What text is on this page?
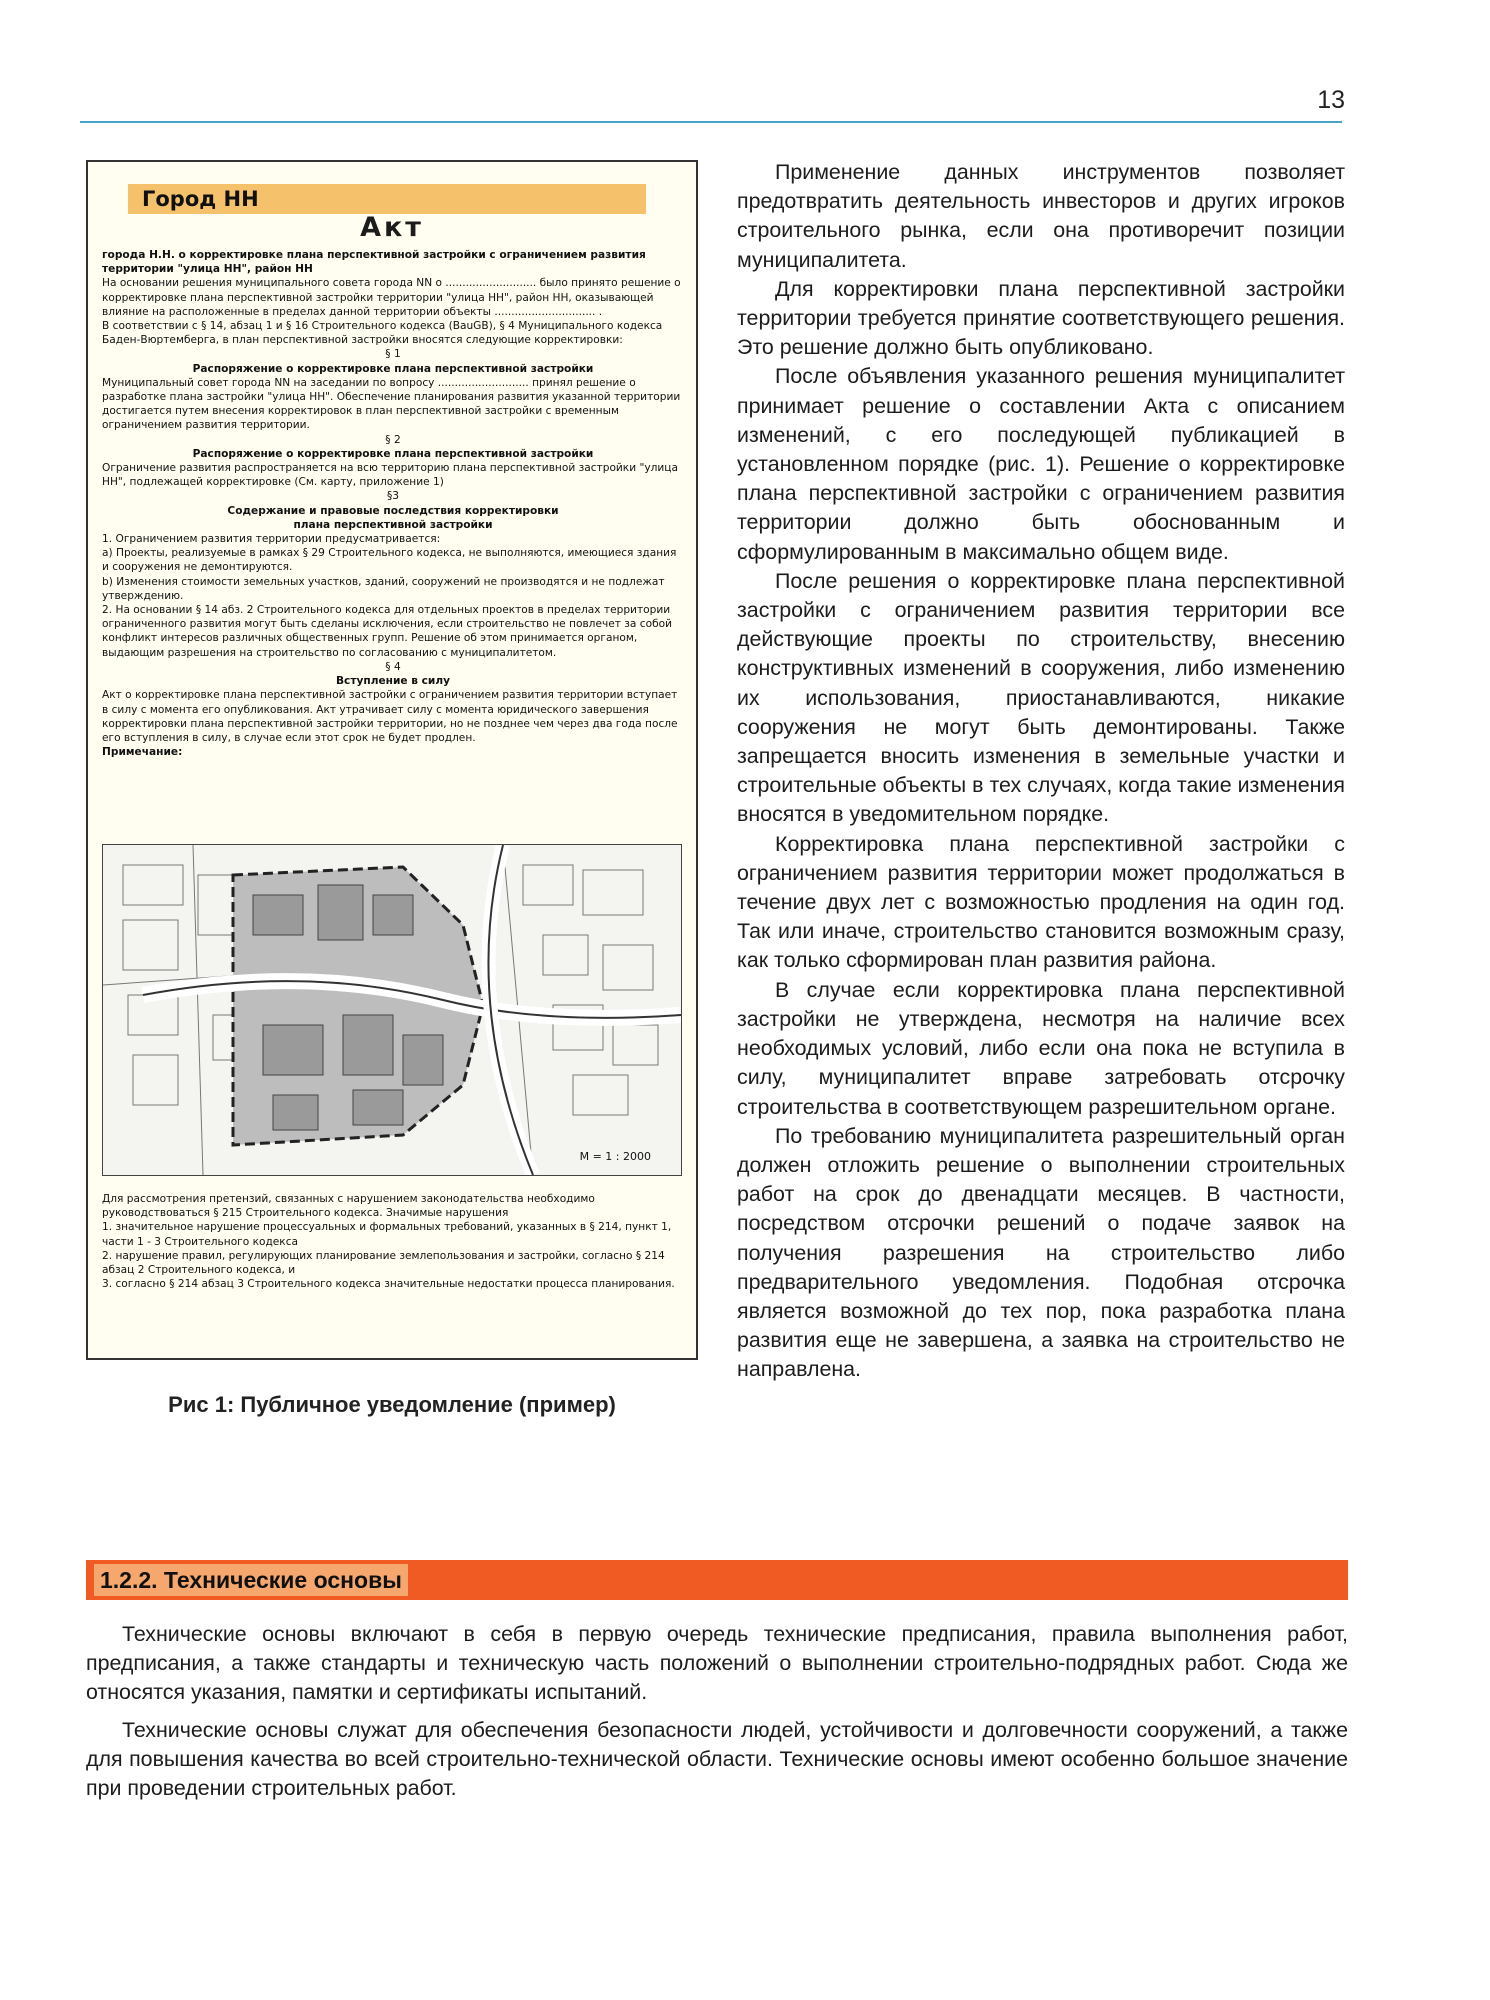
13
Город НН
Акт

города Н.Н. о корректировке плана перспективной застройки с ограничением развития территории "улица НН", район НН

На основании решения муниципального совета города NN о ........................... было принято решение о корректировке плана перспективной застройки территории "улица НН", район НН, оказывающей влияние на расположенные в пределах данной территории объекты .............................. .

В соответствии с § 14, абзац 1 и § 16 Строительного кодекса (BauGB), § 4 Муниципального кодекса Баден-Вюртемберга, в план перспективной застройки вносятся следующие корректировки:

§ 1

Распоряжение о корректировке плана перспективной застройки

Муниципальный совет города NN на заседании по вопросу ........................... принял решение о разработке плана застройки "улица НН". Обеспечение планирования развития указанной территории достигается путем внесения корректировок в план перспективной застройки с временным ограничением развития территории.

§ 2

Распоряжение о корректировке плана перспективной застройки

Ограничение развития распространяется на всю территорию плана перспективной застройки "улица НН", подлежащей корректировке (См. карту, приложение 1)

§3

Содержание и правовые последствия корректировки

плана перспективной застройки

1. Ограничением развития территории предусматривается:

а) Проекты, реализуемые в рамках § 29 Строительного кодекса, не выполняются, имеющиеся здания и сооружения не демонтируются.

b) Изменения стоимости земельных участков, зданий, сооружений не производятся и не подлежат утверждению.

2. На основании § 14 абз. 2 Строительного кодекса для отдельных проектов в пределах территории ограниченного развития могут быть сделаны исключения, если строительство не повлечет за собой конфликт интересов различных общественных групп. Решение об этом принимается органом, выдающим разрешения на строительство по согласованию с муниципалитетом.

§ 4

Вступление в силу

Акт о корректировке плана перспективной застройки с ограничением развития территории вступает в силу с момента его опубликования. Акт утрачивает силу с момента юридического завершения корректировки плана перспективной застройки территории, но не позднее чем через два года после его вступления в силу, в случае если этот срок не будет продлен.

Примечание:

M = 1 : 2000

Для рассмотрения претензий, связанных с нарушением законодательства необходимо руководствоваться § 215 Строительного кодекса. Значимые нарушения

1. значительное нарушение процессуальных и формальных требований, указанных в § 214, пункт 1, части 1 - 3 Строительного кодекса

2. нарушение правил, регулирующих планирование землепользования и застройки, согласно § 214 абзац 2 Строительного кодекса, и

3. согласно § 214 абзац 3 Строительного кодекса значительные недостатки процесса планирования.

Рис 1: Публичное уведомление (пример)

Применение данных инструментов позволяет предотвратить деятельность инвесторов и других игроков строительного рынка, если она противоречит позиции муниципалитета.

Для корректировки плана перспективной застройки территории требуется принятие соответствующего решения. Это решение должно быть опубликовано.

После объявления указанного решения муниципалитет принимает решение о составлении Акта с описанием изменений, с его последующей публикацией в установленном порядке (рис. 1). Решение о корректировке плана перспективной застройки с ограничением развития территории должно быть обоснованным и сформулированным в максимально общем виде.

После решения о корректировке плана перспективной застройки с ограничением развития территории все действующие проекты по строительству, внесению конструктивных изменений в сооружения, либо изменению их использования, приостанавливаются, никакие сооружения не могут быть демонтированы. Также запрещается вносить изменения в земельные участки и строительные объекты в тех случаях, когда такие изменения вносятся в уведомительном порядке.

Корректировка плана перспективной застройки с ограничением развития территории может продолжаться в течение двух лет с возможностью продления на один год. Так или иначе, строительство становится возможным сразу, как только сформирован план развития района.

В случае если корректировка плана перспективной застройки не утверждена, несмотря на наличие всех необходимых условий, либо если она пока не вступила в силу, муниципалитет вправе затребовать отсрочку строительства в соответствующем разрешительном органе.

По требованию муниципалитета разрешительный орган должен отложить решение о выполнении строительных работ на срок до двенадцати месяцев. В частности, посредством отсрочки решений о подаче заявок на получения разрешения на строительство либо предварительного уведомления. Подобная отсрочка является возможной до тех пор, пока разработка плана развития еще не завершена, а заявка на строительство не направлена.

1.2.2. Технические основы

Технические основы включают в себя в первую очередь технические предписания, правила выполнения работ, предписания, а также стандарты и техническую часть положений о выполнении строительно-подрядных работ. Сюда же относятся указания, памятки и сертификаты испытаний.

Технические основы служат для обеспечения безопасности людей, устойчивости и долговечности сооружений, а также для повышения качества во всей строительно-технической области. Технические основы имеют особенно большое значение при проведении строительных работ.
